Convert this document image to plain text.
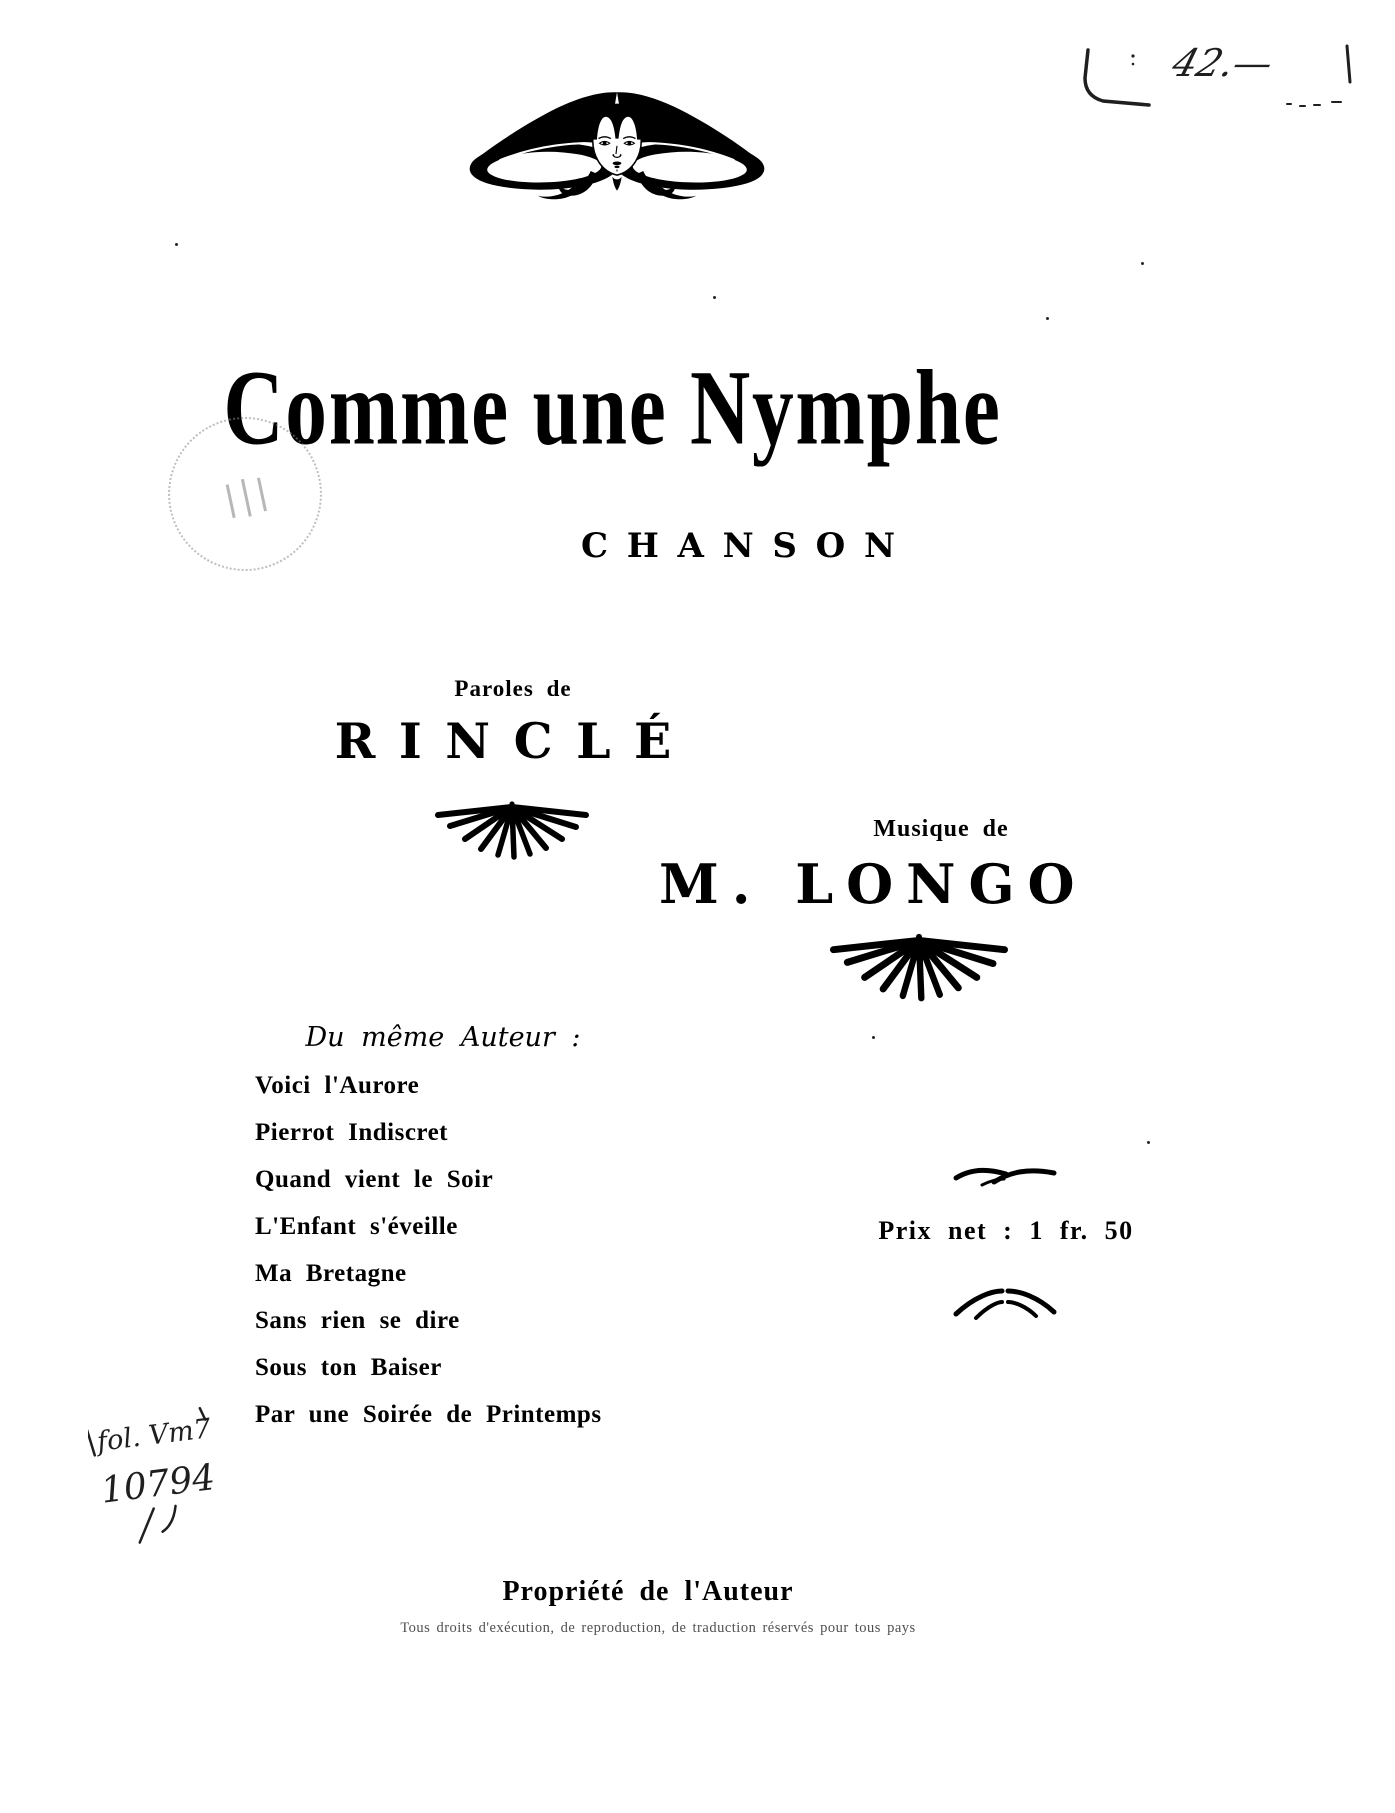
42.—
Comme une Nymphe
CHANSON
Paroles de
RINCLÉ
Musique de
M. LONGO
Du même Auteur :
Voici l'Aurore
Pierrot Indiscret
Quand vient le Soir
L'Enfant s'éveille
Ma Bretagne
Sans rien se dire
Sous ton Baiser
Par une Soirée de Printemps
Prix net : 1 fr. 50
fol. Vm7
10794
Propriété de l'Auteur
Tous droits d'exécution, de reproduction, de traduction réservés pour tous pays
